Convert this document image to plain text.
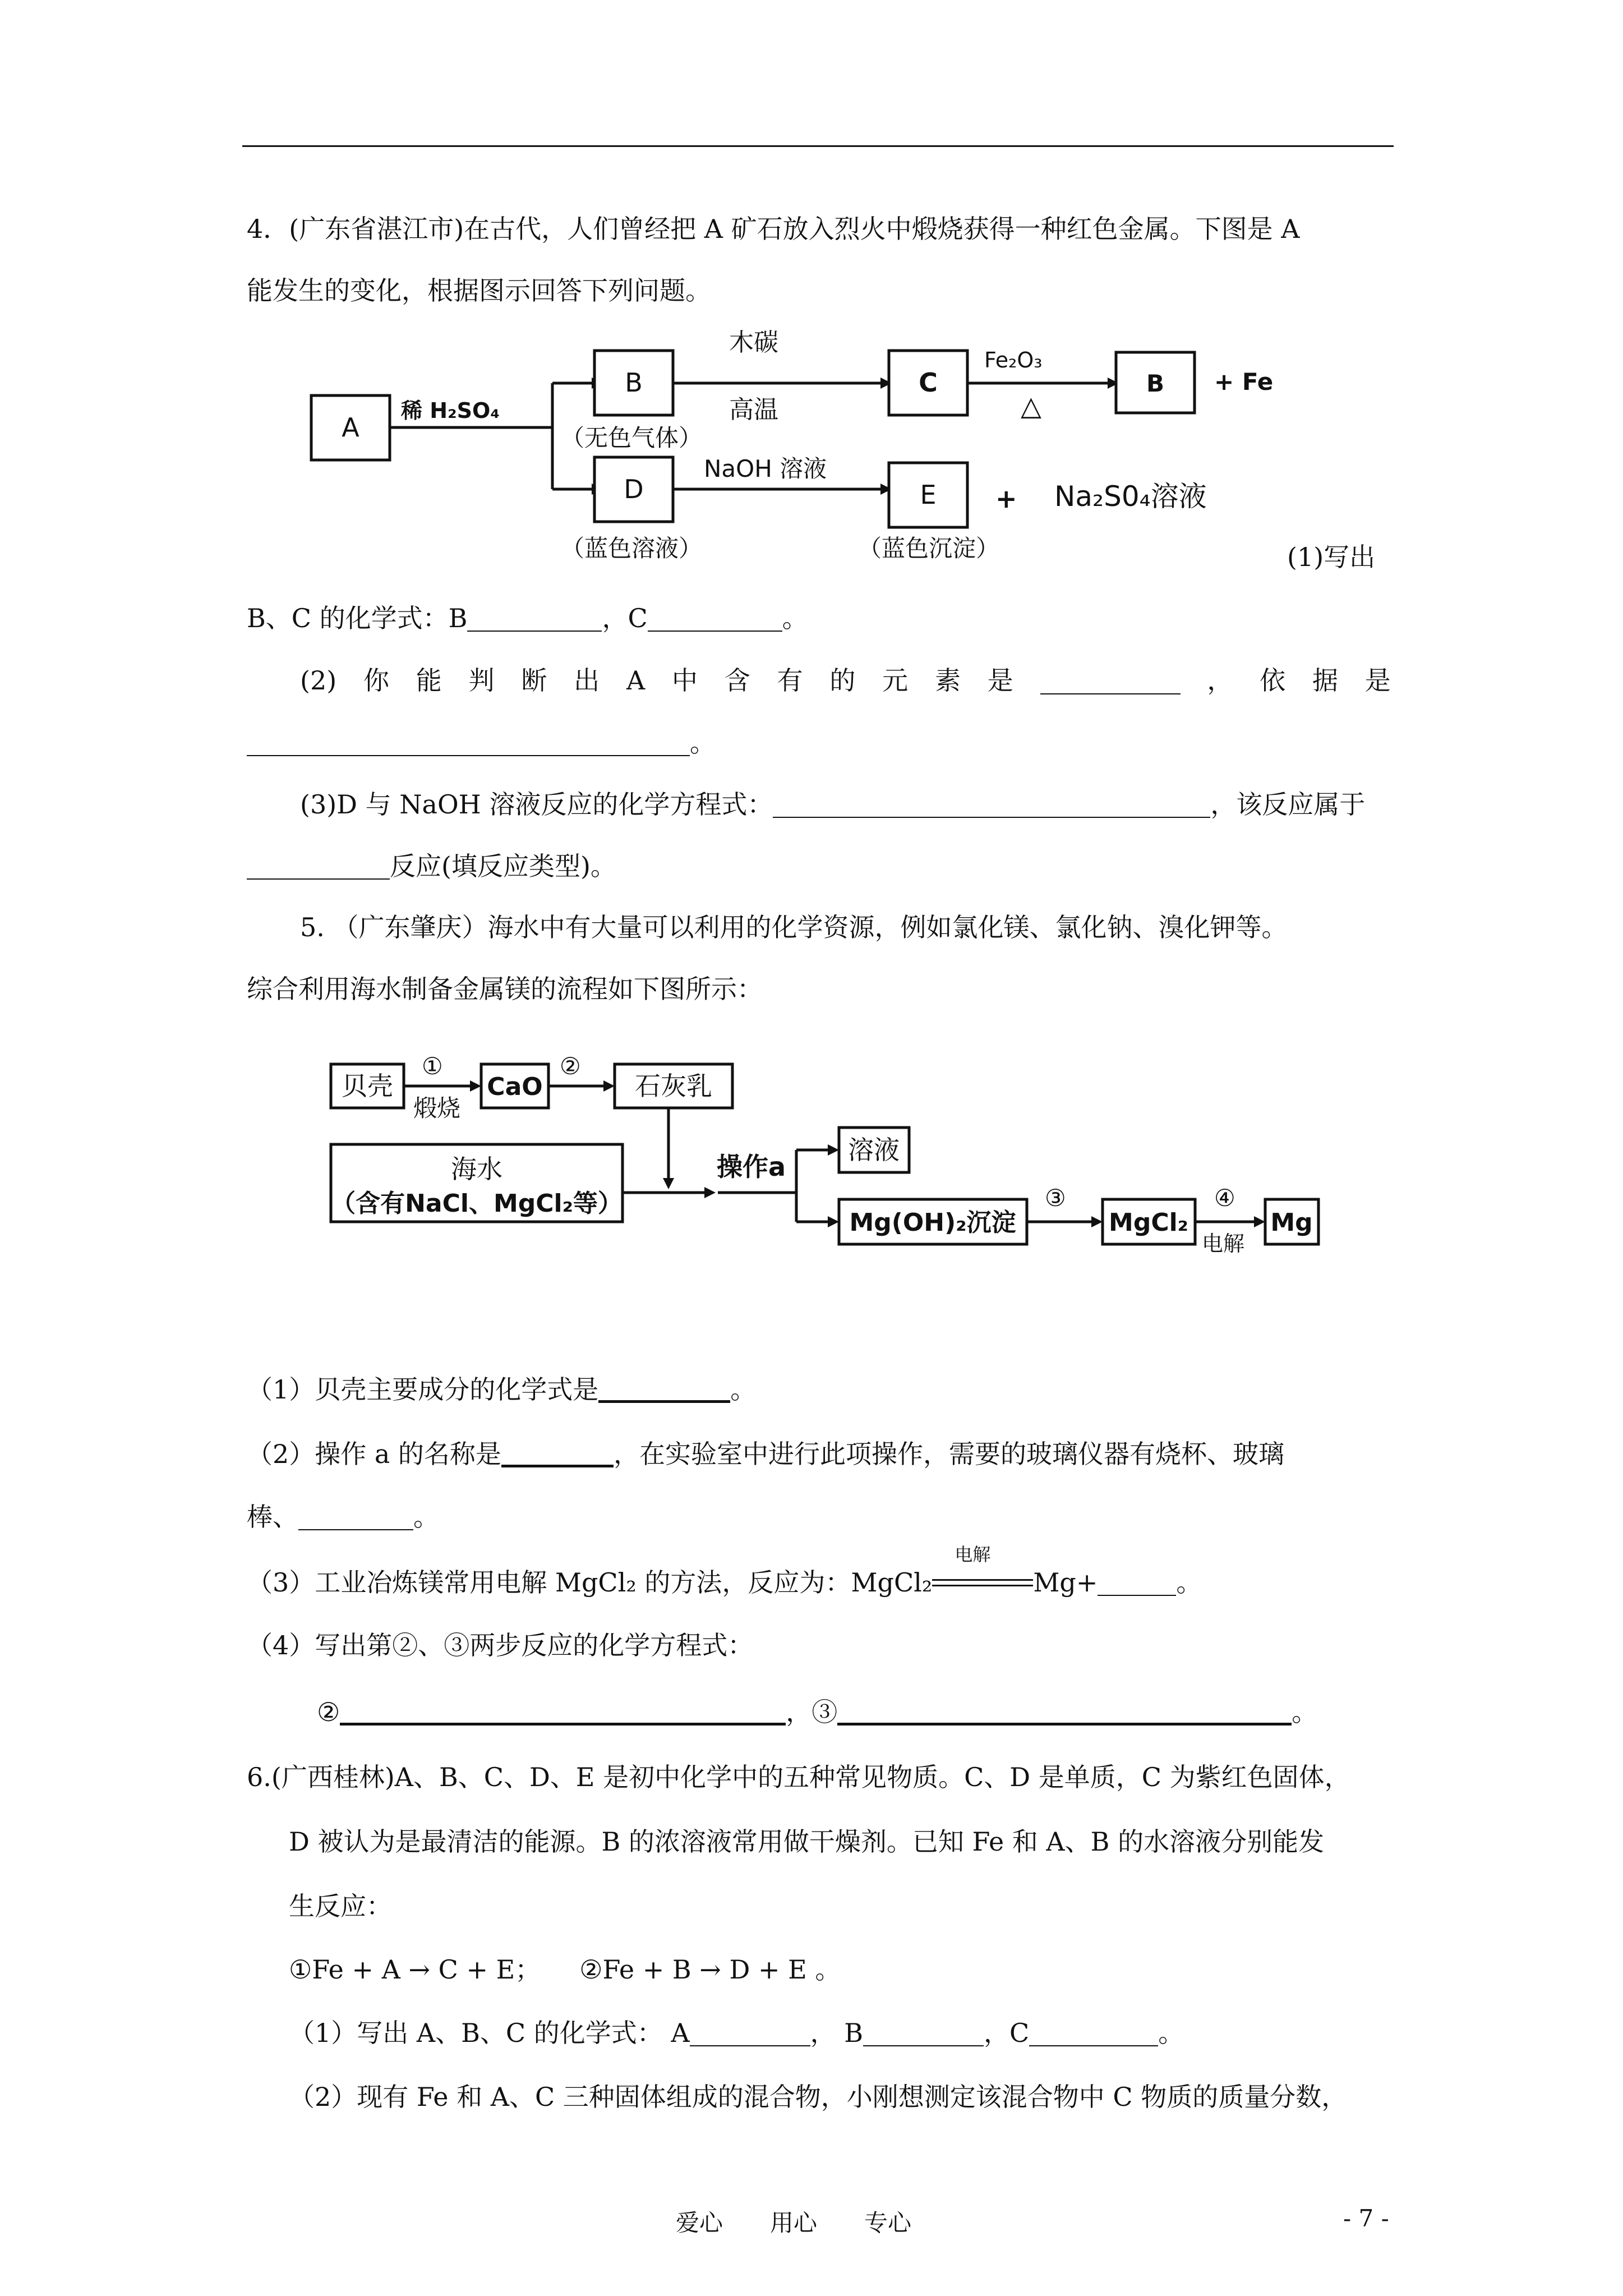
4．(广东省湛江市)在古代，人们曾经把 A 矿石放入烈火中煅烧获得一种红色金属。下图是 A
能发生的变化，根据图示回答下列问题。
A
稀 H₂SO₄
B
（无色气体）
木碳
高温
C
Fe₂O₃
△
B + Fe
D
（蓝色溶液）
NaOH 溶液
E
（蓝色沉淀）
+ Na₂S0₄溶液
(1)写出
B、C 的化学式：B	，C	。
(2) 你 能 判 断 出 A 中 含 有 的 元 素 是	， 依 据 是
。
(3)D 与 NaOH 溶液反应的化学方程式：	，该反应属于
反应(填反应类型)。
5. （广东肇庆）海水中有大量可以利用的化学资源，例如氯化镁、氯化钠、溴化钾等。
综合利用海水制备金属镁的流程如下图所示：
贝壳
①
煅烧
CaO
②
石灰乳
海水
（含有NaCl、MgCl₂等）
操作a
溶液
Mg(OH)₂沉淀
③
MgCl₂
④
电解
Mg
（1）贝壳主要成分的化学式是	。
（2）操作 a 的名称是	，在实验室中进行此项操作，需要的玻璃仪器有烧杯、玻璃
棒、	。
（3）工业冶炼镁常用电解 MgCl₂ 的方法，反应为：MgCl₂
电解
Mg+	。
（4）写出第②、③两步反应的化学方程式：
②	，③	。
6.(广西桂林)A、B、C、D、E 是初中化学中的五种常见物质。C、D 是单质，C 为紫红色固体，
D 被认为是最清洁的能源。B 的浓溶液常用做干燥剂。已知 Fe 和 A、B 的水溶液分别能发
生反应：
①Fe + A → C + E；　　②Fe + B → D + E 。
（1）写出 A、B、C 的化学式： A	， B	，C	。
（2）现有 Fe 和 A、C 三种固体组成的混合物，小刚想测定该混合物中 C 物质的质量分数，
爱心　　用心　　专心	- 7 -
